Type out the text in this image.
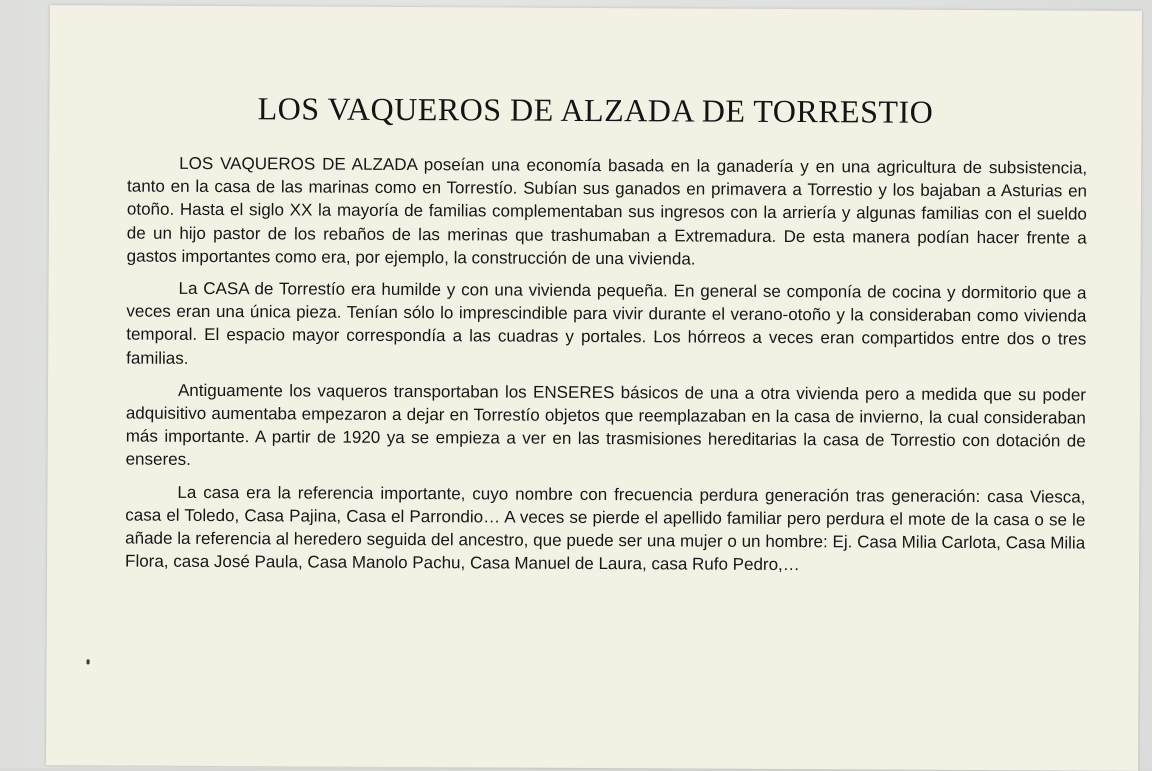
LOS VAQUEROS DE ALZADA DE TORRESTIO

LOS VAQUEROS DE ALZADA poseían una economía basada en la ganadería y en una agricultura de subsistencia, tanto en la casa de las marinas como en Torrestío. Subían sus ganados en primavera a Torrestio y los bajaban a Asturias en otoño. Hasta el siglo XX la mayoría de familias complementaban sus ingresos con la arriería y algunas familias con el sueldo de un hijo pastor de los rebaños de las merinas que trashumaban a Extremadura. De esta manera podían hacer frente a gastos importantes como era, por ejemplo, la construcción de una vivienda.

La CASA de Torrestío era humilde y con una vivienda pequeña. En general se componía de cocina y dormitorio que a veces eran una única pieza. Tenían sólo lo imprescindible para vivir durante el verano-otoño y la consideraban como vivienda temporal. El espacio mayor correspondía a las cuadras y portales. Los hórreos a veces eran compartidos entre dos o tres familias.

Antiguamente los vaqueros transportaban los ENSERES básicos de una a otra vivienda pero a medida que su poder adquisitivo aumentaba empezaron a dejar en Torrestío objetos que reemplazaban en la casa de invierno, la cual consideraban más importante. A partir de 1920 ya se empieza a ver en las trasmisiones hereditarias la casa de Torrestio con dotación de enseres.

La casa era la referencia importante, cuyo nombre con frecuencia perdura generación tras generación: casa Viesca, casa el Toledo, Casa Pajina, Casa el Parrondio… A veces se pierde el apellido familiar pero perdura el mote de la casa o se le añade la referencia al heredero seguida del ancestro, que puede ser una mujer o un hombre: Ej. Casa Milia Carlota, Casa Milia Flora, casa José Paula, Casa Manolo Pachu, Casa Manuel de Laura, casa Rufo Pedro,…
